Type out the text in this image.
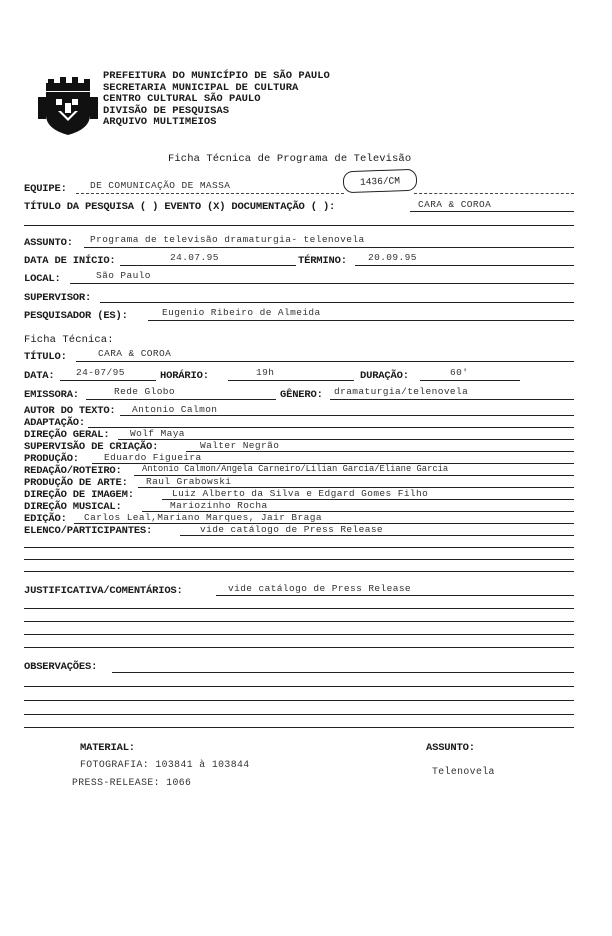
PREFEITURA DO MUNICÍPIO DE SÃO PAULO
SECRETARIA MUNICIPAL DE CULTURA
CENTRO CULTURAL SÃO PAULO
DIVISÃO DE PESQUISAS
ARQUIVO MULTIMEIOS
Ficha Técnica de Programa de Televisão
1436/CM
EQUIPE: DE COMUNICAÇÃO DE MASSA
TÍTULO DA PESQUISA ( ) EVENTO (X) DOCUMENTAÇÃO ( ):	CARA & COROA
ASSUNTO: Programa de televisão dramaturgia- telenovela
DATA DE INÍCIO:	24.07.95	TÉRMINO: 20.09.95
LOCAL:	São Paulo
SUPERVISOR:
PESQUISADOR (ES):	Eugenio Ribeiro de Almeida
Ficha Técnica:
TÍTULO:	CARA & COROA
DATA: 24-07/95	HORÁRIO:	19h	DURAÇÃO:	60'
EMISSORA:	Rede Globo	GÊNERO: dramaturgia/telenovela
AUTOR DO TEXTO: Antonio Calmon
ADAPTAÇÃO:
DIREÇÃO GERAL: Wolf Maya
SUPERVISÃO DE CRIAÇÃO:	Walter Negrão
PRODUÇÃO:	Eduardo Figueira
REDAÇÃO/ROTEIRO: Antonio Calmon/Angela Carneiro/Lilian Garcia/Eliane Garcia
PRODUÇÃO DE ARTE: Raul Grabowski
DIREÇÃO DE IMAGEM:	Luiz Alberto da Silva e Edgard Gomes Filho
DIREÇÃO MUSICAL:	Mariozinho Rocha
EDIÇÃO: Carlos Leal,Mariano Marques, Jair Braga
ELENCO/PARTICIPANTES:	vide catálogo de Press Release
JUSTIFICATIVA/COMENTÁRIOS:	vide catálogo de Press Release
OBSERVAÇÕES:
MATERIAL:
FOTOGRAFIA: 103841 à 103844
PRESS-RELEASE: 1066
ASSUNTO:
Telenovela
